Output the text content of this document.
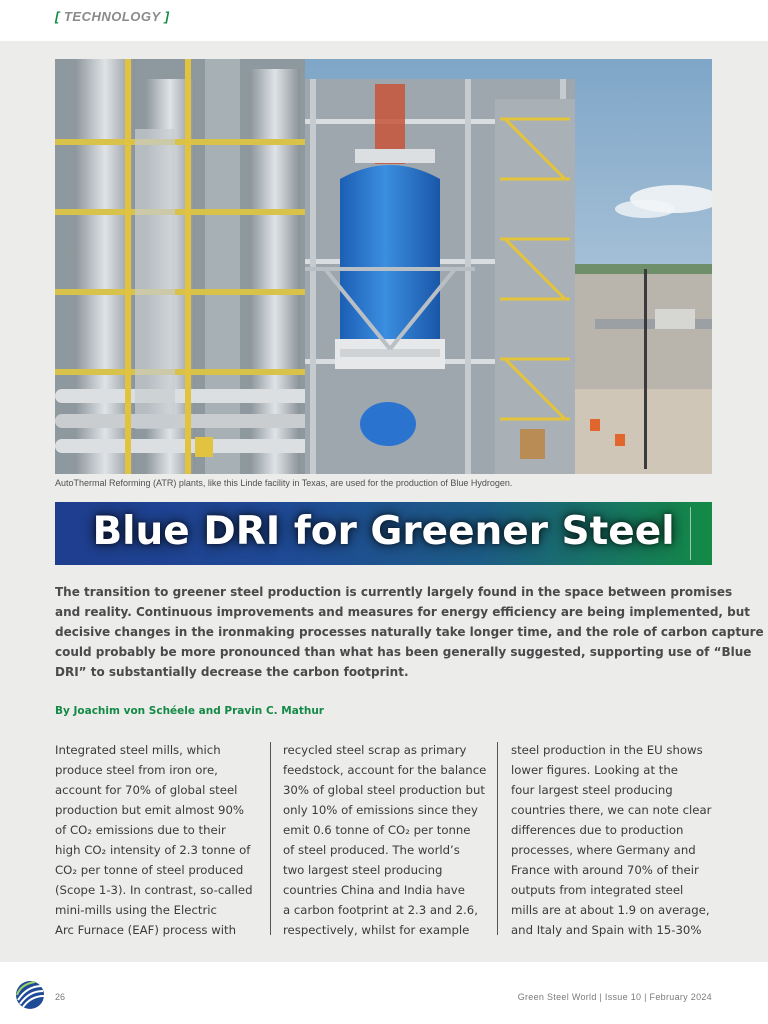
[ TECHNOLOGY ]
AutoThermal Reforming (ATR) plants, like this Linde facility in Texas, are used for the production of Blue Hydrogen.
Blue DRI for Greener Steel
The transition to greener steel production is currently largely found in the space between promises
and reality. Continuous improvements and measures for energy efficiency are being implemented, but
decisive changes in the ironmaking processes naturally take longer time, and the role of carbon capture
could probably be more pronounced than what has been generally suggested, supporting use of “Blue
DRI” to substantially decrease the carbon footprint.
By Joachim von Schéele and Pravin C. Mathur
Integrated steel mills, which
produce steel from iron ore,
account for 70% of global steel
production but emit almost 90%
of CO₂ emissions due to their
high CO₂ intensity of 2.3 tonne of
CO₂ per tonne of steel produced
(Scope 1-3). In contrast, so-called
mini-mills using the Electric
Arc Furnace (EAF) process with
recycled steel scrap as primary
feedstock, account for the balance
30% of global steel production but
only 10% of emissions since they
emit 0.6 tonne of CO₂ per tonne
of steel produced. The world’s
two largest steel producing
countries China and India have
a carbon footprint at 2.3 and 2.6,
respectively, whilst for example
steel production in the EU shows
lower figures. Looking at the
four largest steel producing
countries there, we can note clear
differences due to production
processes, where Germany and
France with around 70% of their
outputs from integrated steel
mills are at about 1.9 on average,
and Italy and Spain with 15-30%
26	Green Steel World | Issue 10 | February 2024
